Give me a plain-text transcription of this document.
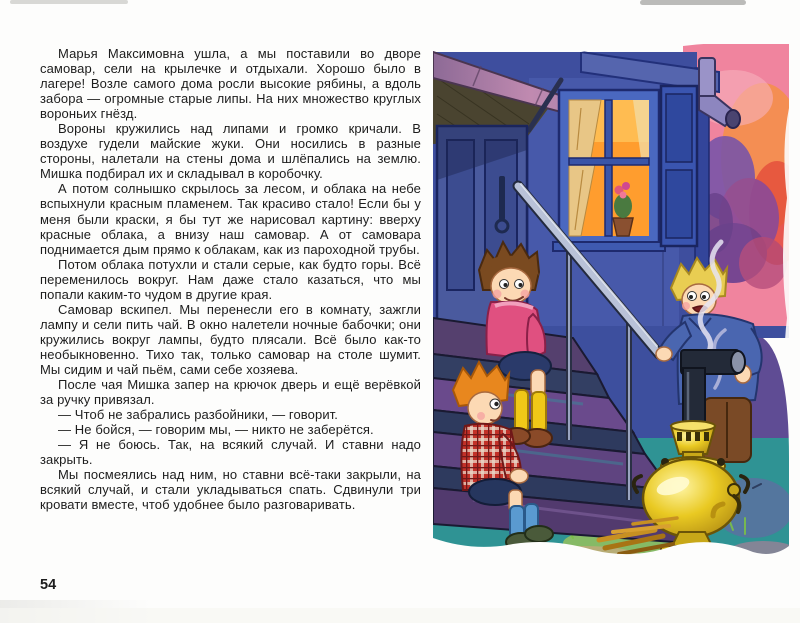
Марья Максимовна ушла, а мы поставили во дворе самовар, сели на крылечке и отдыхали. Хорошо было в лагере! Возле самого дома росли высокие рябины, а вдоль забора — огромные старые липы. На них множество круглых вороньих гнёзд.

Вороны кружились над липами и громко кричали. В воздухе гудели майские жуки. Они носились в разные стороны, налетали на стены дома и шлёпались на землю. Мишка подбирал их и складывал в коробочку.

А потом солнышко скрылось за лесом, и облака на небе вспыхнули красным пламенем. Так красиво стало! Если бы у меня были краски, я бы тут же нарисовал картину: вверху красные облака, а внизу наш самовар. А от самовара поднимается дым прямо к облакам, как из пароходной трубы.

Потом облака потухли и стали серые, как будто горы. Всё переменилось вокруг. Нам даже стало казаться, что мы попали каким-то чудом в другие края.

Самовар вскипел. Мы перенесли его в комнату, зажгли лампу и сели пить чай. В окно налетели ночные бабочки; они кружились вокруг лампы, будто плясали. Всё было как-то необыкновенно. Тихо так, только самовар на столе шумит. Мы сидим и чай пьём, сами себе хозяева.

После чая Мишка запер на крючок дверь и ещё верёвкой за ручку привязал.

— Чтоб не забрались разбойники, — говорит.

— Не бойся, — говорим мы, — никто не заберётся.

— Я не боюсь. Так, на всякий случай. И ставни надо закрыть.

Мы посмеялись над ним, но ставни всё-таки закрыли, на всякий случай, и стали укладываться спать. Сдвинули три кровати вместе, чтоб удобнее было разговаривать.

54
